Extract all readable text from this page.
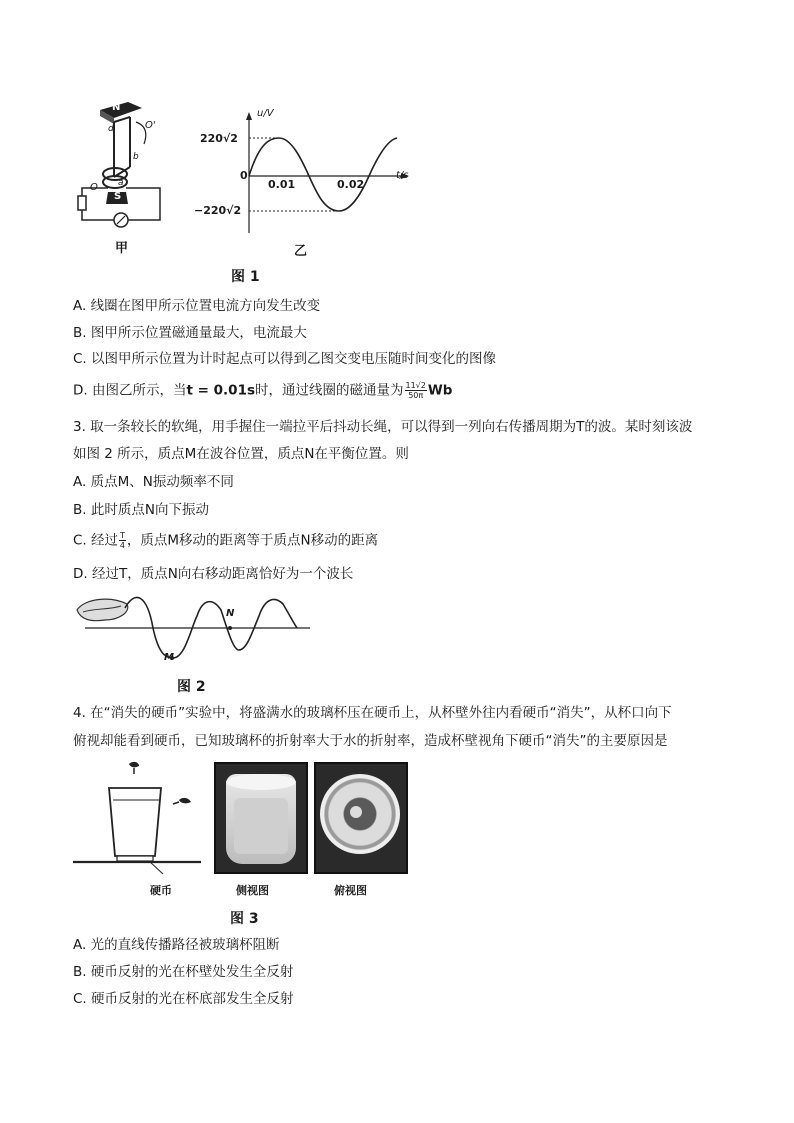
N
S
O
O'
d
b
a
甲
u/V
t/s
220√2
0
−220√2
0.01	0.02
乙
图 1
A. 线圈在图甲所示位置电流方向发生改变
B. 图甲所示位置磁通量最大，电流最大
C. 以图甲所示位置为计时起点可以得到乙图交变电压随时间变化的图像
D. 由图乙所示，当t = 0.01s时，通过线圈的磁通量为 $\frac{11√2}{50\pi}$ Wb
3. 取一条较长的软绳，用手握住一端拉平后抖动长绳，可以得到一列向右传播周期为T的波。某时刻该波
如图 2 所示，质点M在波谷位置，质点N在平衡位置。则
A. 质点M、N振动频率不同
B. 此时质点N向下振动
C. 经过 $\frac{T}{4}$ ，质点M移动的距离等于质点N移动的距离
D. 经过T，质点N向右移动距离恰好为一个波长
M
N
图 2
4. 在“消失的硬币”实验中，将盛满水的玻璃杯压在硬币上，从杯壁外往内看硬币“消失”，从杯口向下
俯视却能看到硬币，已知玻璃杯的折射率大于水的折射率，造成杯壁视角下硬币“消失”的主要原因是
硬币	侧视图	俯视图
图 3
A. 光的直线传播路径被玻璃杯阻断
B. 硬币反射的光在杯壁处发生全反射
C. 硬币反射的光在杯底部发生全反射
